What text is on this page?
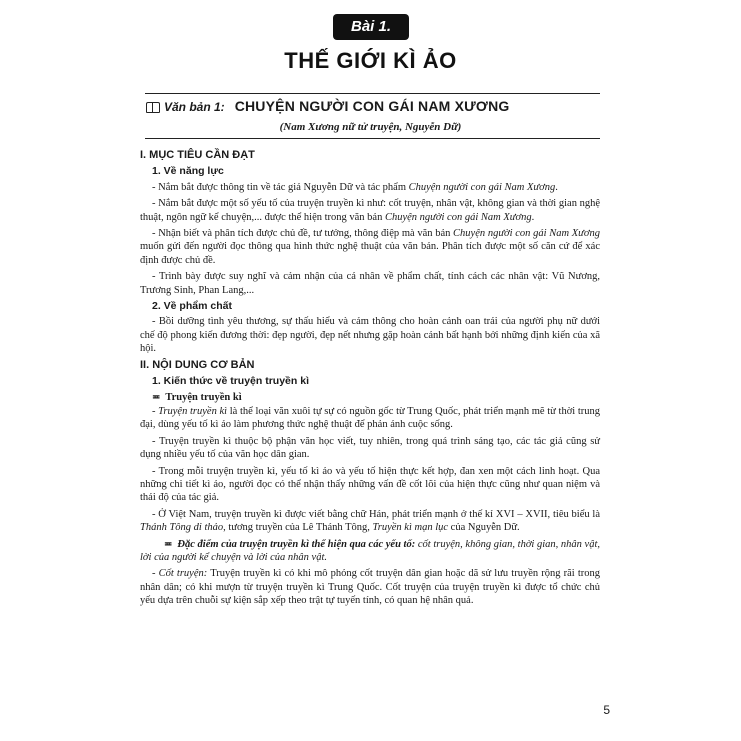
Bài 1.
THẾ GIỚI KÌ ẢO
Văn bản 1: CHUYỆN NGƯỜI CON GÁI NAM XƯƠNG
(Nam Xương nữ tử truyện, Nguyễn Dữ)
I. MỤC TIÊU CẦN ĐẠT
1. Về năng lực

- Nắm bắt được thông tin về tác giả Nguyễn Dữ và tác phẩm Chuyện người con gái Nam Xương.

- Nắm bắt được một số yếu tố của truyện truyền kì như: cốt truyện, nhân vật, không gian và thời gian nghệ thuật, ngôn ngữ kể chuyện,... được thể hiện trong văn bản Chuyện người con gái Nam Xương.

- Nhận biết và phân tích được chủ đề, tư tưởng, thông điệp mà văn bản Chuyện người con gái Nam Xương muốn gửi đến người đọc thông qua hình thức nghệ thuật của văn bản. Phân tích được một số căn cứ để xác định được chủ đề.

- Trình bày được suy nghĩ và cảm nhận của cá nhân về phẩm chất, tính cách các nhân vật: Vũ Nương, Trương Sinh, Phan Lang,...

2. Về phẩm chất

- Bồi dưỡng tình yêu thương, sự thấu hiểu và cảm thông cho hoàn cảnh oan trái của người phụ nữ dưới chế độ phong kiến đương thời: đẹp người, đẹp nết nhưng gặp hoàn cảnh bất hạnh bởi những định kiến của xã hội.

II. NỘI DUNG CƠ BẢN
1. Kiến thức về truyện truyền kì
≖ Truyện truyền kì

- Truyện truyền kì là thể loại văn xuôi tự sự có nguồn gốc từ Trung Quốc, phát triển mạnh mẽ từ thời trung đại, dùng yếu tố kì ảo làm phương thức nghệ thuật để phản ánh cuộc sống.

- Truyện truyền kì thuộc bộ phận văn học viết, tuy nhiên, trong quá trình sáng tạo, các tác giả cũng sử dụng nhiều yếu tố của văn học dân gian.

- Trong mỗi truyện truyền kì, yếu tố kì ảo và yếu tố hiện thực kết hợp, đan xen một cách linh hoạt. Qua những chi tiết kì ảo, người đọc có thể nhận thấy những vấn đề cốt lõi của hiện thực cũng như quan niệm và thái độ của tác giả.

- Ở Việt Nam, truyện truyền kì được viết bằng chữ Hán, phát triển mạnh ở thế kỉ XVI – XVII, tiêu biểu là Thánh Tông di thảo, tương truyền của Lê Thánh Tông, Truyền kì mạn lục của Nguyễn Dữ.

≖ Đặc điểm của truyện truyền kì thể hiện qua các yếu tố: cốt truyện, không gian, thời gian, nhân vật, lời của người kể chuyện và lời của nhân vật.

- Cốt truyện: Truyện truyền kì có khi mô phỏng cốt truyện dân gian hoặc dã sử lưu truyền rộng rãi trong nhân dân; có khi mượn từ truyện truyền kì Trung Quốc. Cốt truyện của truyện truyền kì được tổ chức chủ yếu dựa trên chuỗi sự kiện sắp xếp theo trật tự tuyến tính, có quan hệ nhân quả.

5
